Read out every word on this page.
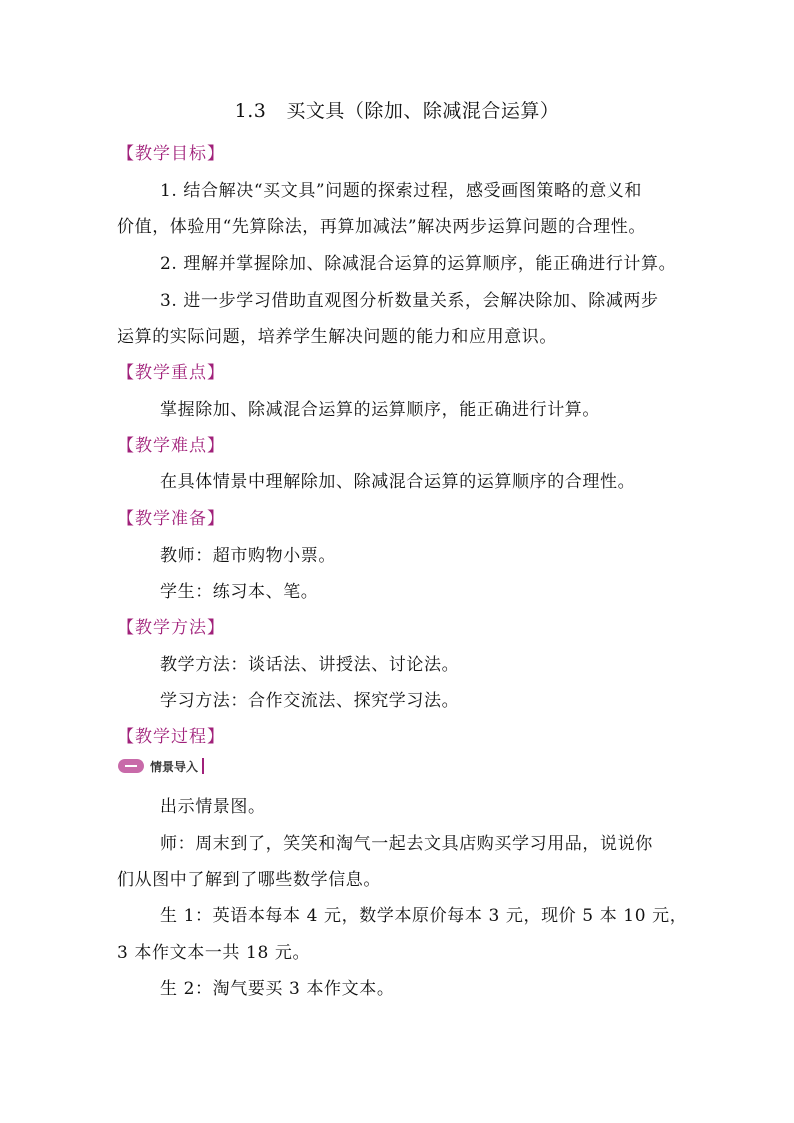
1.3 买文具（除加、除减混合运算）
【教学目标】
1. 结合解决“买文具”问题的探索过程，感受画图策略的意义和
价值，体验用“先算除法，再算加减法”解决两步运算问题的合理性。
2. 理解并掌握除加、除减混合运算的运算顺序，能正确进行计算。
3. 进一步学习借助直观图分析数量关系，会解决除加、除减两步
运算的实际问题，培养学生解决问题的能力和应用意识。
【教学重点】
掌握除加、除减混合运算的运算顺序，能正确进行计算。
【教学难点】
在具体情景中理解除加、除减混合运算的运算顺序的合理性。
【教学准备】
教师：超市购物小票。
学生：练习本、笔。
【教学方法】
教学方法：谈话法、讲授法、讨论法。
学习方法：合作交流法、探究学习法。
【教学过程】
情景导入
出示情景图。
师：周末到了，笑笑和淘气一起去文具店购买学习用品，说说你
们从图中了解到了哪些数学信息。
生 1：英语本每本 4 元，数学本原价每本 3 元，现价 5 本 10 元，
3 本作文本一共 18 元。
生 2：淘气要买 3 本作文本。
